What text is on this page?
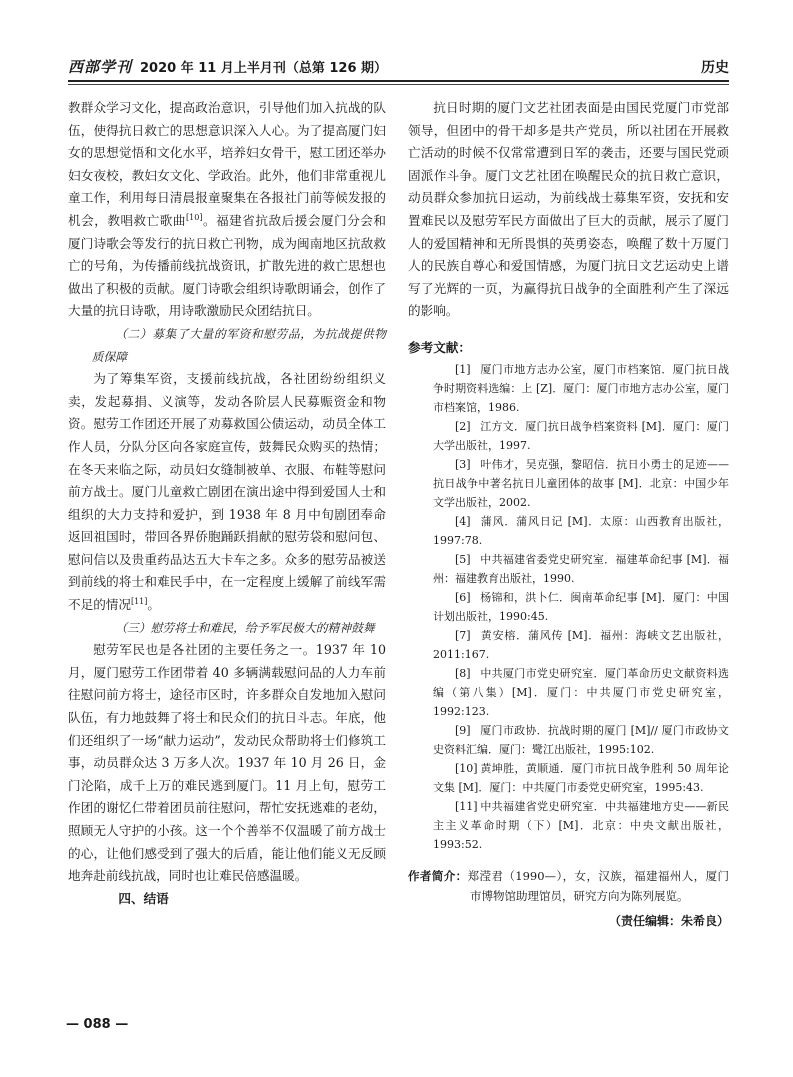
西部学刊 2020 年 11 月上半月刊（总第 126 期）	历史

教群众学习文化，提高政治意识，引导他们加入抗战的队伍，使得抗日救亡的思想意识深入人心。为了提高厦门妇女的思想觉悟和文化水平，培养妇女骨干，慰工团还举办妇女夜校，教妇女文化、学政治。此外，他们非常重视儿童工作，利用每日清晨报童聚集在各报社门前等候发报的机会，教唱救亡歌曲[10]。福建省抗敌后援会厦门分会和厦门诗歌会等发行的抗日救亡刊物，成为闽南地区抗敌救亡的号角，为传播前线抗战资讯，扩散先进的救亡思想也做出了积极的贡献。厦门诗歌会组织诗歌朗诵会，创作了大量的抗日诗歌，用诗歌激励民众团结抗日。

（二）募集了大量的军资和慰劳品，为抗战提供物质保障

为了筹集军资，支援前线抗战，各社团纷纷组织义卖，发起募捐、义演等，发动各阶层人民募赈资金和物资。慰劳工作团还开展了劝募救国公债运动，动员全体工作人员，分队分区向各家庭宣传，鼓舞民众购买的热情；在冬天来临之际，动员妇女缝制被单、衣服、布鞋等慰问前方战士。厦门儿童救亡剧团在演出途中得到爱国人士和组织的大力支持和爱护，到 1938 年 8 月中旬剧团奉命返回祖国时，带回各界侨胞踊跃捐献的慰劳袋和慰问包、慰问信以及贵重药品达五大卡车之多。众多的慰劳品被送到前线的将士和难民手中，在一定程度上缓解了前线军需不足的情况[11]。

（三）慰劳将士和难民，给予军民极大的精神鼓舞

慰劳军民也是各社团的主要任务之一。1937 年 10 月，厦门慰劳工作团带着 40 多辆满载慰问品的人力车前往慰问前方将士，途径市区时，许多群众自发地加入慰问队伍，有力地鼓舞了将士和民众们的抗日斗志。年底，他们还组织了一场“献力运动”，发动民众帮助将士们修筑工事，动员群众达 3 万多人次。1937 年 10 月 26 日，金门沦陷，成千上万的难民逃到厦门。11 月上旬，慰劳工作团的谢忆仁带着团员前往慰问，帮忙安抚逃难的老幼，照顾无人守护的小孩。这一个个善举不仅温暖了前方战士的心，让他们感受到了强大的后盾，能让他们能义无反顾地奔赴前线抗战，同时也让难民倍感温暖。

四、结语

抗日时期的厦门文艺社团表面是由国民党厦门市党部领导，但团中的骨干却多是共产党员，所以社团在开展救亡活动的时候不仅常常遭到日军的袭击，还要与国民党顽固派作斗争。厦门文艺社团在唤醒民众的抗日救亡意识，动员群众参加抗日运动，为前线战士募集军资，安抚和安置难民以及慰劳军民方面做出了巨大的贡献，展示了厦门人的爱国精神和无所畏惧的英勇姿态，唤醒了数十万厦门人的民族自尊心和爱国情感，为厦门抗日文艺运动史上谱写了光辉的一页，为赢得抗日战争的全面胜利产生了深远的影响。

参考文献：

[1] 厦门市地方志办公室，厦门市档案馆．厦门抗日战争时期资料选编：上 [Z]．厦门：厦门市地方志办公室，厦门市档案馆，1986.

[2] 江方文．厦门抗日战争档案资料 [M]．厦门：厦门大学出版社，1997.

[3] 叶伟才，吴克强，黎昭信．抗日小勇士的足迹——抗日战争中著名抗日儿童团体的故事 [M]．北京：中国少年文学出版社，2002.

[4] 蒲风．蒲风日记 [M]．太原：山西教育出版社，1997:78.

[5] 中共福建省委党史研究室．福建革命纪事 [M]．福州：福建教育出版社，1990.

[6] 杨锦和，洪卜仁．闽南革命纪事 [M]．厦门：中国计划出版社，1990:45.

[7] 黄安榕．蒲风传 [M]．福州：海峡文艺出版社，2011:167.

[8] 中共厦门市党史研究室．厦门革命历史文献资料选编（第八集）[M]．厦门：中共厦门市党史研究室，1992:123.

[9] 厦门市政协．抗战时期的厦门 [M]// 厦门市政协文史资料汇编．厦门：鹭江出版社，1995:102.

[10] 黄坤胜，黄顺通．厦门市抗日战争胜利 50 周年论文集 [M]．厦门：中共厦门市委党史研究室，1995:43.

[11] 中共福建省党史研究室．中共福建地方史——新民主主义革命时期（下）[M]．北京：中央文献出版社，1993:52.

作者简介：郑滢君（1990—），女，汉族，福建福州人，厦门市博物馆助理馆员，研究方向为陈列展览。
（责任编辑：朱希良）
— 088 —
